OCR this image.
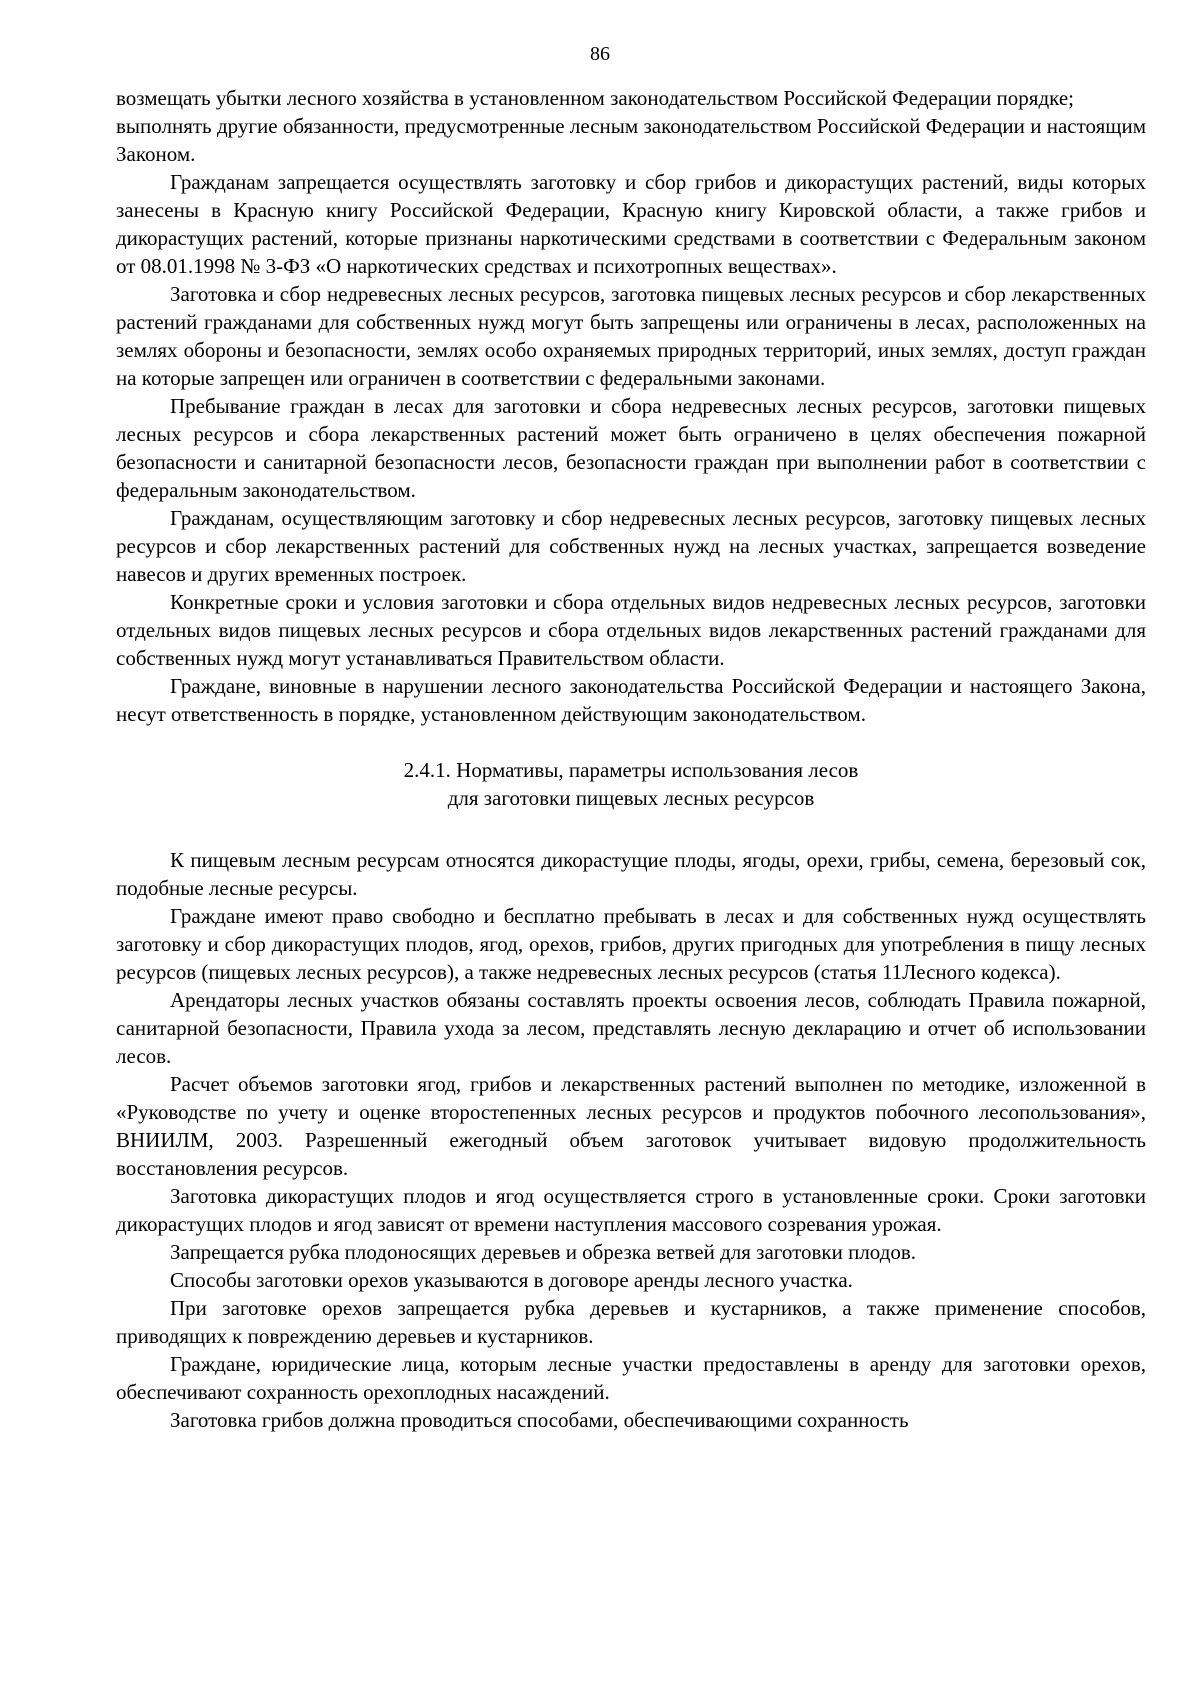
86

возмещать убытки лесного хозяйства в установленном законодательством Российской Федерации порядке;

выполнять другие обязанности, предусмотренные лесным законодательством Российской Федерации и настоящим Законом.

Гражданам запрещается осуществлять заготовку и сбор грибов и дикорастущих растений, виды которых занесены в Красную книгу Российской Федерации, Красную книгу Кировской области, а также грибов и дикорастущих растений, которые признаны наркотическими средствами в соответствии с Федеральным законом от 08.01.1998 № 3-ФЗ «О наркотических средствах и психотропных веществах».

Заготовка и сбор недревесных лесных ресурсов, заготовка пищевых лесных ресурсов и сбор лекарственных растений гражданами для собственных нужд могут быть запрещены или ограничены в лесах, расположенных на землях обороны и безопасности, землях особо охраняемых природных территорий, иных землях, доступ граждан на которые запрещен или ограничен в соответствии с федеральными законами.

Пребывание граждан в лесах для заготовки и сбора недревесных лесных ресурсов, заготовки пищевых лесных ресурсов и сбора лекарственных растений может быть ограничено в целях обеспечения пожарной безопасности и санитарной безопасности лесов, безопасности граждан при выполнении работ в соответствии с федеральным законодательством.

Гражданам, осуществляющим заготовку и сбор недревесных лесных ресурсов, заготовку пищевых лесных ресурсов и сбор лекарственных растений для собственных нужд на лесных участках, запрещается возведение навесов и других временных построек.

Конкретные сроки и условия заготовки и сбора отдельных видов недревесных лесных ресурсов, заготовки отдельных видов пищевых лесных ресурсов и сбора отдельных видов лекарственных растений гражданами для собственных нужд могут устанавливаться Правительством области.

Граждане, виновные в нарушении лесного законодательства Российской Федерации и настоящего Закона, несут ответственность в порядке, установленном действующим законодательством.

2.4.1. Нормативы, параметры использования лесов
для заготовки пищевых лесных ресурсов

К пищевым лесным ресурсам относятся дикорастущие плоды, ягоды, орехи, грибы, семена, березовый сок, подобные лесные ресурсы.

Граждане имеют право свободно и бесплатно пребывать в лесах и для собственных нужд осуществлять заготовку и сбор дикорастущих плодов, ягод, орехов, грибов, других пригодных для употребления в пищу лесных ресурсов (пищевых лесных ресурсов), а также недревесных лесных ресурсов (статья 11Лесного кодекса).

Арендаторы лесных участков обязаны составлять проекты освоения лесов, соблюдать Правила пожарной, санитарной безопасности, Правила ухода за лесом, представлять лесную декларацию и отчет об использовании лесов.

Расчет объемов заготовки ягод, грибов и лекарственных растений выполнен по методике, изложенной в «Руководстве по учету и оценке второстепенных лесных ресурсов и продуктов побочного лесопользования», ВНИИЛМ, 2003. Разрешенный ежегодный объем заготовок учитывает видовую продолжительность восстановления ресурсов.

Заготовка дикорастущих плодов и ягод осуществляется строго в установленные сроки. Сроки заготовки дикорастущих плодов и ягод зависят от времени наступления массового созревания урожая.

Запрещается рубка плодоносящих деревьев и обрезка ветвей для заготовки плодов.

Способы заготовки орехов указываются в договоре аренды лесного участка.

При заготовке орехов запрещается рубка деревьев и кустарников, а также применение способов, приводящих к повреждению деревьев и кустарников.

Граждане, юридические лица, которым лесные участки предоставлены в аренду для заготовки орехов, обеспечивают сохранность орехоплодных насаждений.

Заготовка грибов должна проводиться способами, обеспечивающими сохранность
